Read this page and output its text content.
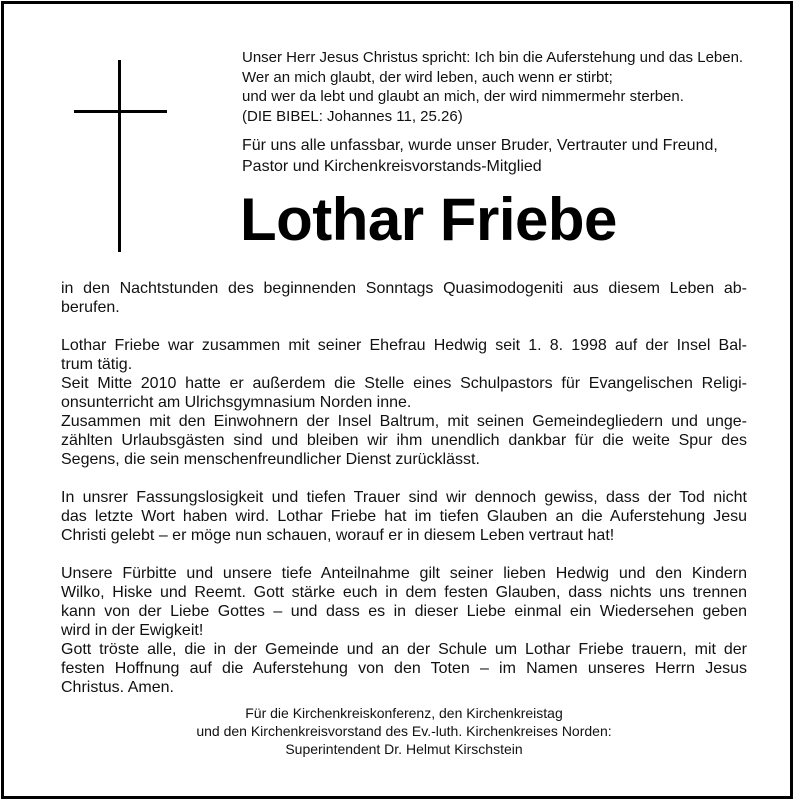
Unser Herr Jesus Christus spricht: Ich bin die Auferstehung und das Leben.
Wer an mich glaubt, der wird leben, auch wenn er stirbt;
und wer da lebt und glaubt an mich, der wird nimmermehr sterben.
(DIE BIBEL: Johannes 11, 25.26)
Für uns alle unfassbar, wurde unser Bruder, Vertrauter und Freund,
Pastor und Kirchenkreisvorstands-Mitglied
Lothar Friebe
in den Nachtstunden des beginnenden Sonntags Quasimodogeniti aus diesem Leben ab-
berufen.
Lothar Friebe war zusammen mit seiner Ehefrau Hedwig seit 1. 8. 1998 auf der Insel Bal-
trum tätig.
Seit Mitte 2010 hatte er außerdem die Stelle eines Schulpastors für Evangelischen Religi-
onsunterricht am Ulrichsgymnasium Norden inne.
Zusammen mit den Einwohnern der Insel Baltrum, mit seinen Gemeindegliedern und unge-
zählten Urlaubsgästen sind und bleiben wir ihm unendlich dankbar für die weite Spur des
Segens, die sein menschenfreundlicher Dienst zurücklässt.
In unsrer Fassungslosigkeit und tiefen Trauer sind wir dennoch gewiss, dass der Tod nicht
das letzte Wort haben wird. Lothar Friebe hat im tiefen Glauben an die Auferstehung Jesu
Christi gelebt – er möge nun schauen, worauf er in diesem Leben vertraut hat!
Unsere Fürbitte und unsere tiefe Anteilnahme gilt seiner lieben Hedwig und den Kindern
Wilko, Hiske und Reemt. Gott stärke euch in dem festen Glauben, dass nichts uns trennen
kann von der Liebe Gottes – und dass es in dieser Liebe einmal ein Wiedersehen geben
wird in der Ewigkeit!
Gott tröste alle, die in der Gemeinde und an der Schule um Lothar Friebe trauern, mit der
festen Hoffnung auf die Auferstehung von den Toten – im Namen unseres Herrn Jesus
Christus. Amen.
Für die Kirchenkreiskonferenz, den Kirchenkreistag
und den Kirchenkreisvorstand des Ev.-luth. Kirchenkreises Norden:
Superintendent Dr. Helmut Kirschstein
